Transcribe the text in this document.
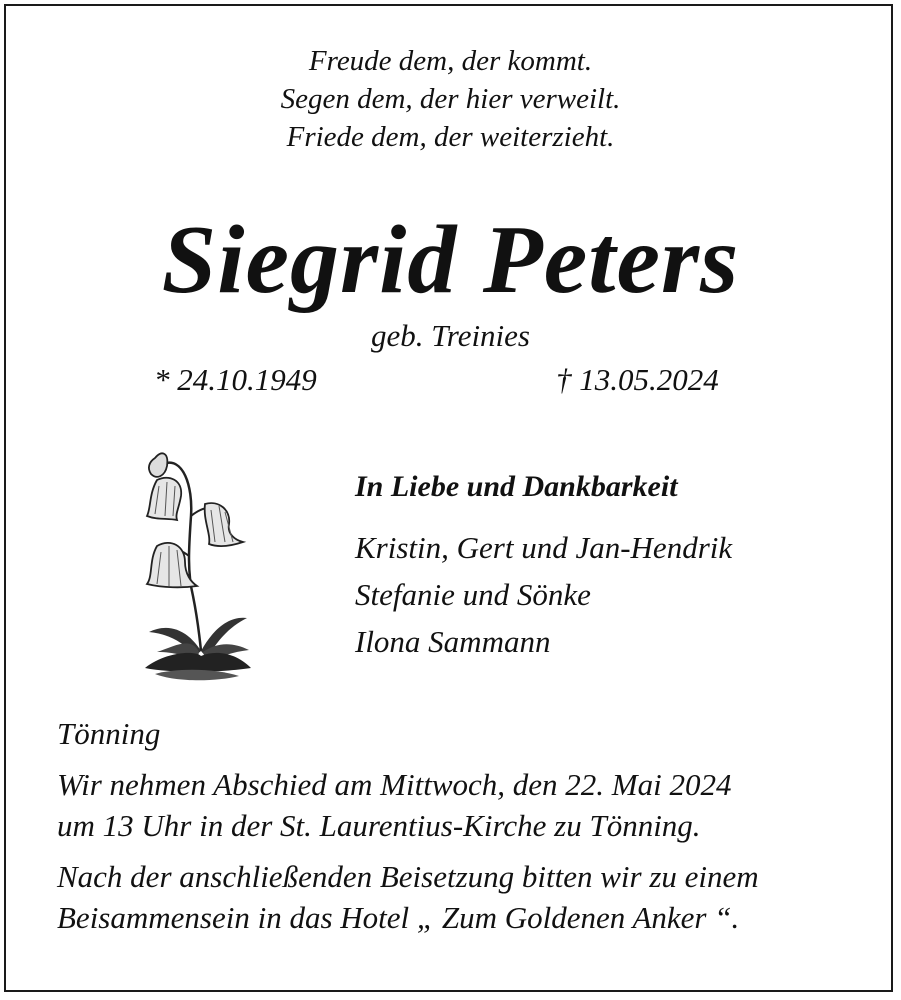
Freude dem, der kommt.
Segen dem, der hier verweilt.
Friede dem, der weiterzieht.
Siegrid Peters
geb. Treinies
* 24.10.1949	† 13.05.2024
In Liebe und Dankbarkeit
Kristin, Gert und Jan-Hendrik
Stefanie und Sönke
Ilona Sammann

Tönning

Wir nehmen Abschied am Mittwoch, den 22. Mai 2024

um 13 Uhr in der St. Laurentius-Kirche zu Tönning.

Nach der anschließenden Beisetzung bitten wir zu einem

Beisammensein in das Hotel „ Zum Goldenen Anker “.
